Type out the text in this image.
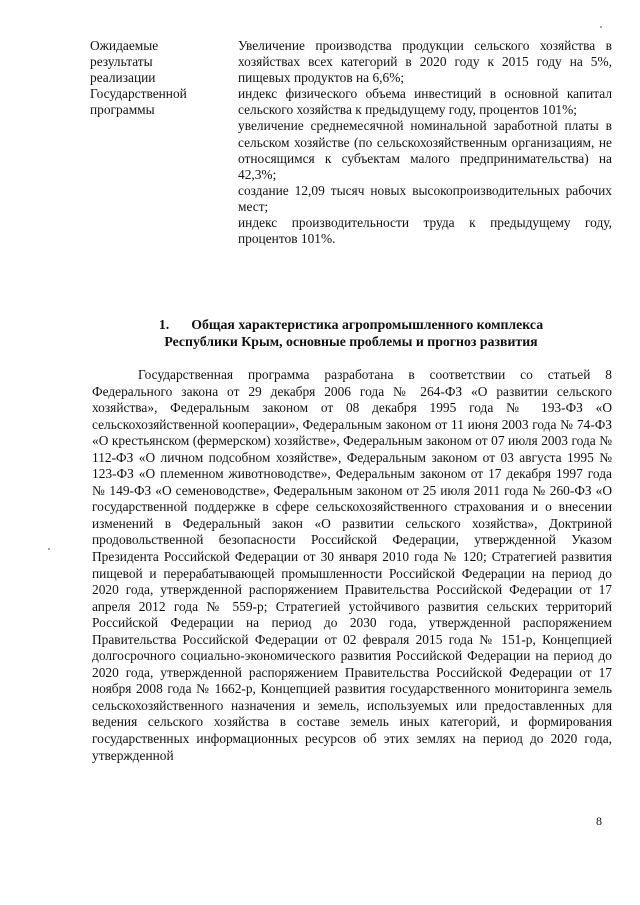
Ожидаемые
результаты
реализации
Государственной
программы
Увеличение производства продукции сельского хозяйства в хозяйствах всех категорий в 2020 году к 2015 году на 5%, пищевых продуктов на 6,6%;
индекс физического объема инвестиций в основной капитал сельского хозяйства к предыдущему году, процентов 101%;
увеличение среднемесячной номинальной заработной платы в сельском хозяйстве (по сельскохозяйственным организациям, не относящимся к субъектам малого предпринимательства) на 42,3%;
создание 12,09 тысяч новых высокопроизводительных рабочих мест;
индекс производительности труда к предыдущему году, процентов 101%.
1. Общая характеристика агропромышленного комплекса
Республики Крым, основные проблемы и прогноз развития
Государственная программа разработана в соответствии со статьей 8 Федерального закона от 29 декабря 2006 года № 264-ФЗ «О развитии сельского хозяйства», Федеральным законом от 08 декабря 1995 года № 193-ФЗ «О сельскохозяйственной кооперации», Федеральным законом от 11 июня 2003 года № 74-ФЗ «О крестьянском (фермерском) хозяйстве», Федеральным законом от 07 июля 2003 года № 112-ФЗ «О личном подсобном хозяйстве», Федеральным законом от 03 августа 1995 № 123-ФЗ «О племенном животноводстве», Федеральным законом от 17 декабря 1997 года № 149-ФЗ «О семеноводстве», Федеральным законом от 25 июля 2011 года № 260-ФЗ «О государственной поддержке в сфере сельскохозяйственного страхования и о внесении изменений в Федеральный закон «О развитии сельского хозяйства», Доктриной продовольственной безопасности Российской Федерации, утвержденной Указом Президента Российской Федерации от 30 января 2010 года № 120; Стратегией развития пищевой и перерабатывающей промышленности Российской Федерации на период до 2020 года, утвержденной распоряжением Правительства Российской Федерации от 17 апреля 2012 года № 559-р; Стратегией устойчивого развития сельских территорий Российской Федерации на период до 2030 года, утвержденной распоряжением Правительства Российской Федерации от 02 февраля 2015 года № 151-р, Концепцией долгосрочного социально-экономического развития Российской Федерации на период до 2020 года, утвержденной распоряжением Правительства Российской Федерации от 17 ноября 2008 года № 1662-р, Концепцией развития государственного мониторинга земель сельскохозяйственного назначения и земель, используемых или предоставленных для ведения сельского хозяйства в составе земель иных категорий, и формирования государственных информационных ресурсов об этих землях на период до 2020 года, утвержденной
8
